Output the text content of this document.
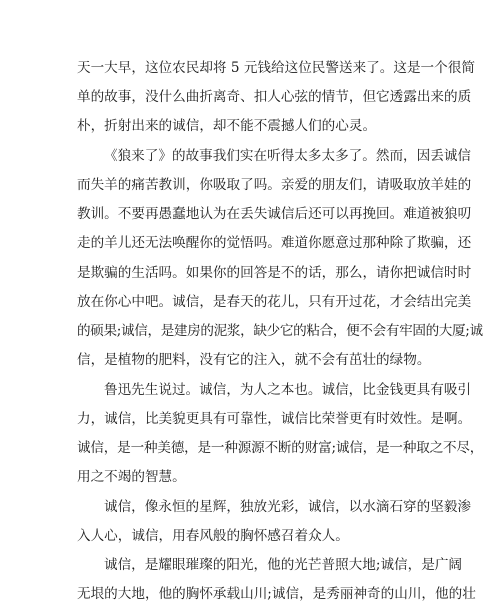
天一大早，这位农民却将 5 元钱给这位民警送来了。这是一个很简
单的故事，没什么曲折离奇、扣人心弦的情节，但它透露出来的质
朴，折射出来的诚信，却不能不震撼人们的心灵。
《狼来了》的故事我们实在听得太多太多了。然而，因丢诚信
而失羊的痛苦教训，你吸取了吗。亲爱的朋友们，请吸取放羊娃的
教训。不要再愚蠢地认为在丢失诚信后还可以再挽回。难道被狼叨
走的羊儿还无法唤醒你的觉悟吗。难道你愿意过那种除了欺骗，还
是欺骗的生活吗。如果你的回答是不的话，那么，请你把诚信时时
放在你心中吧。诚信，是春天的花儿，只有开过花，才会结出完美
的硕果;诚信，是建房的泥浆，缺少它的粘合，便不会有牢固的大厦;诚
信，是植物的肥料，没有它的注入，就不会有茁壮的绿物。
鲁迅先生说过。诚信，为人之本也。诚信，比金钱更具有吸引
力，诚信，比美貌更具有可靠性，诚信比荣誉更有时效性。是啊。
诚信，是一种美德，是一种源源不断的财富;诚信，是一种取之不尽，
用之不竭的智慧。
诚信，像永恒的星辉，独放光彩，诚信，以水滴石穿的坚毅渗
入人心，诚信，用春风般的胸怀感召着众人。
诚信，是耀眼璀璨的阳光，他的光芒普照大地;诚信，是广阔
无垠的大地，他的胸怀承载山川;诚信，是秀丽神奇的山川，他的壮
